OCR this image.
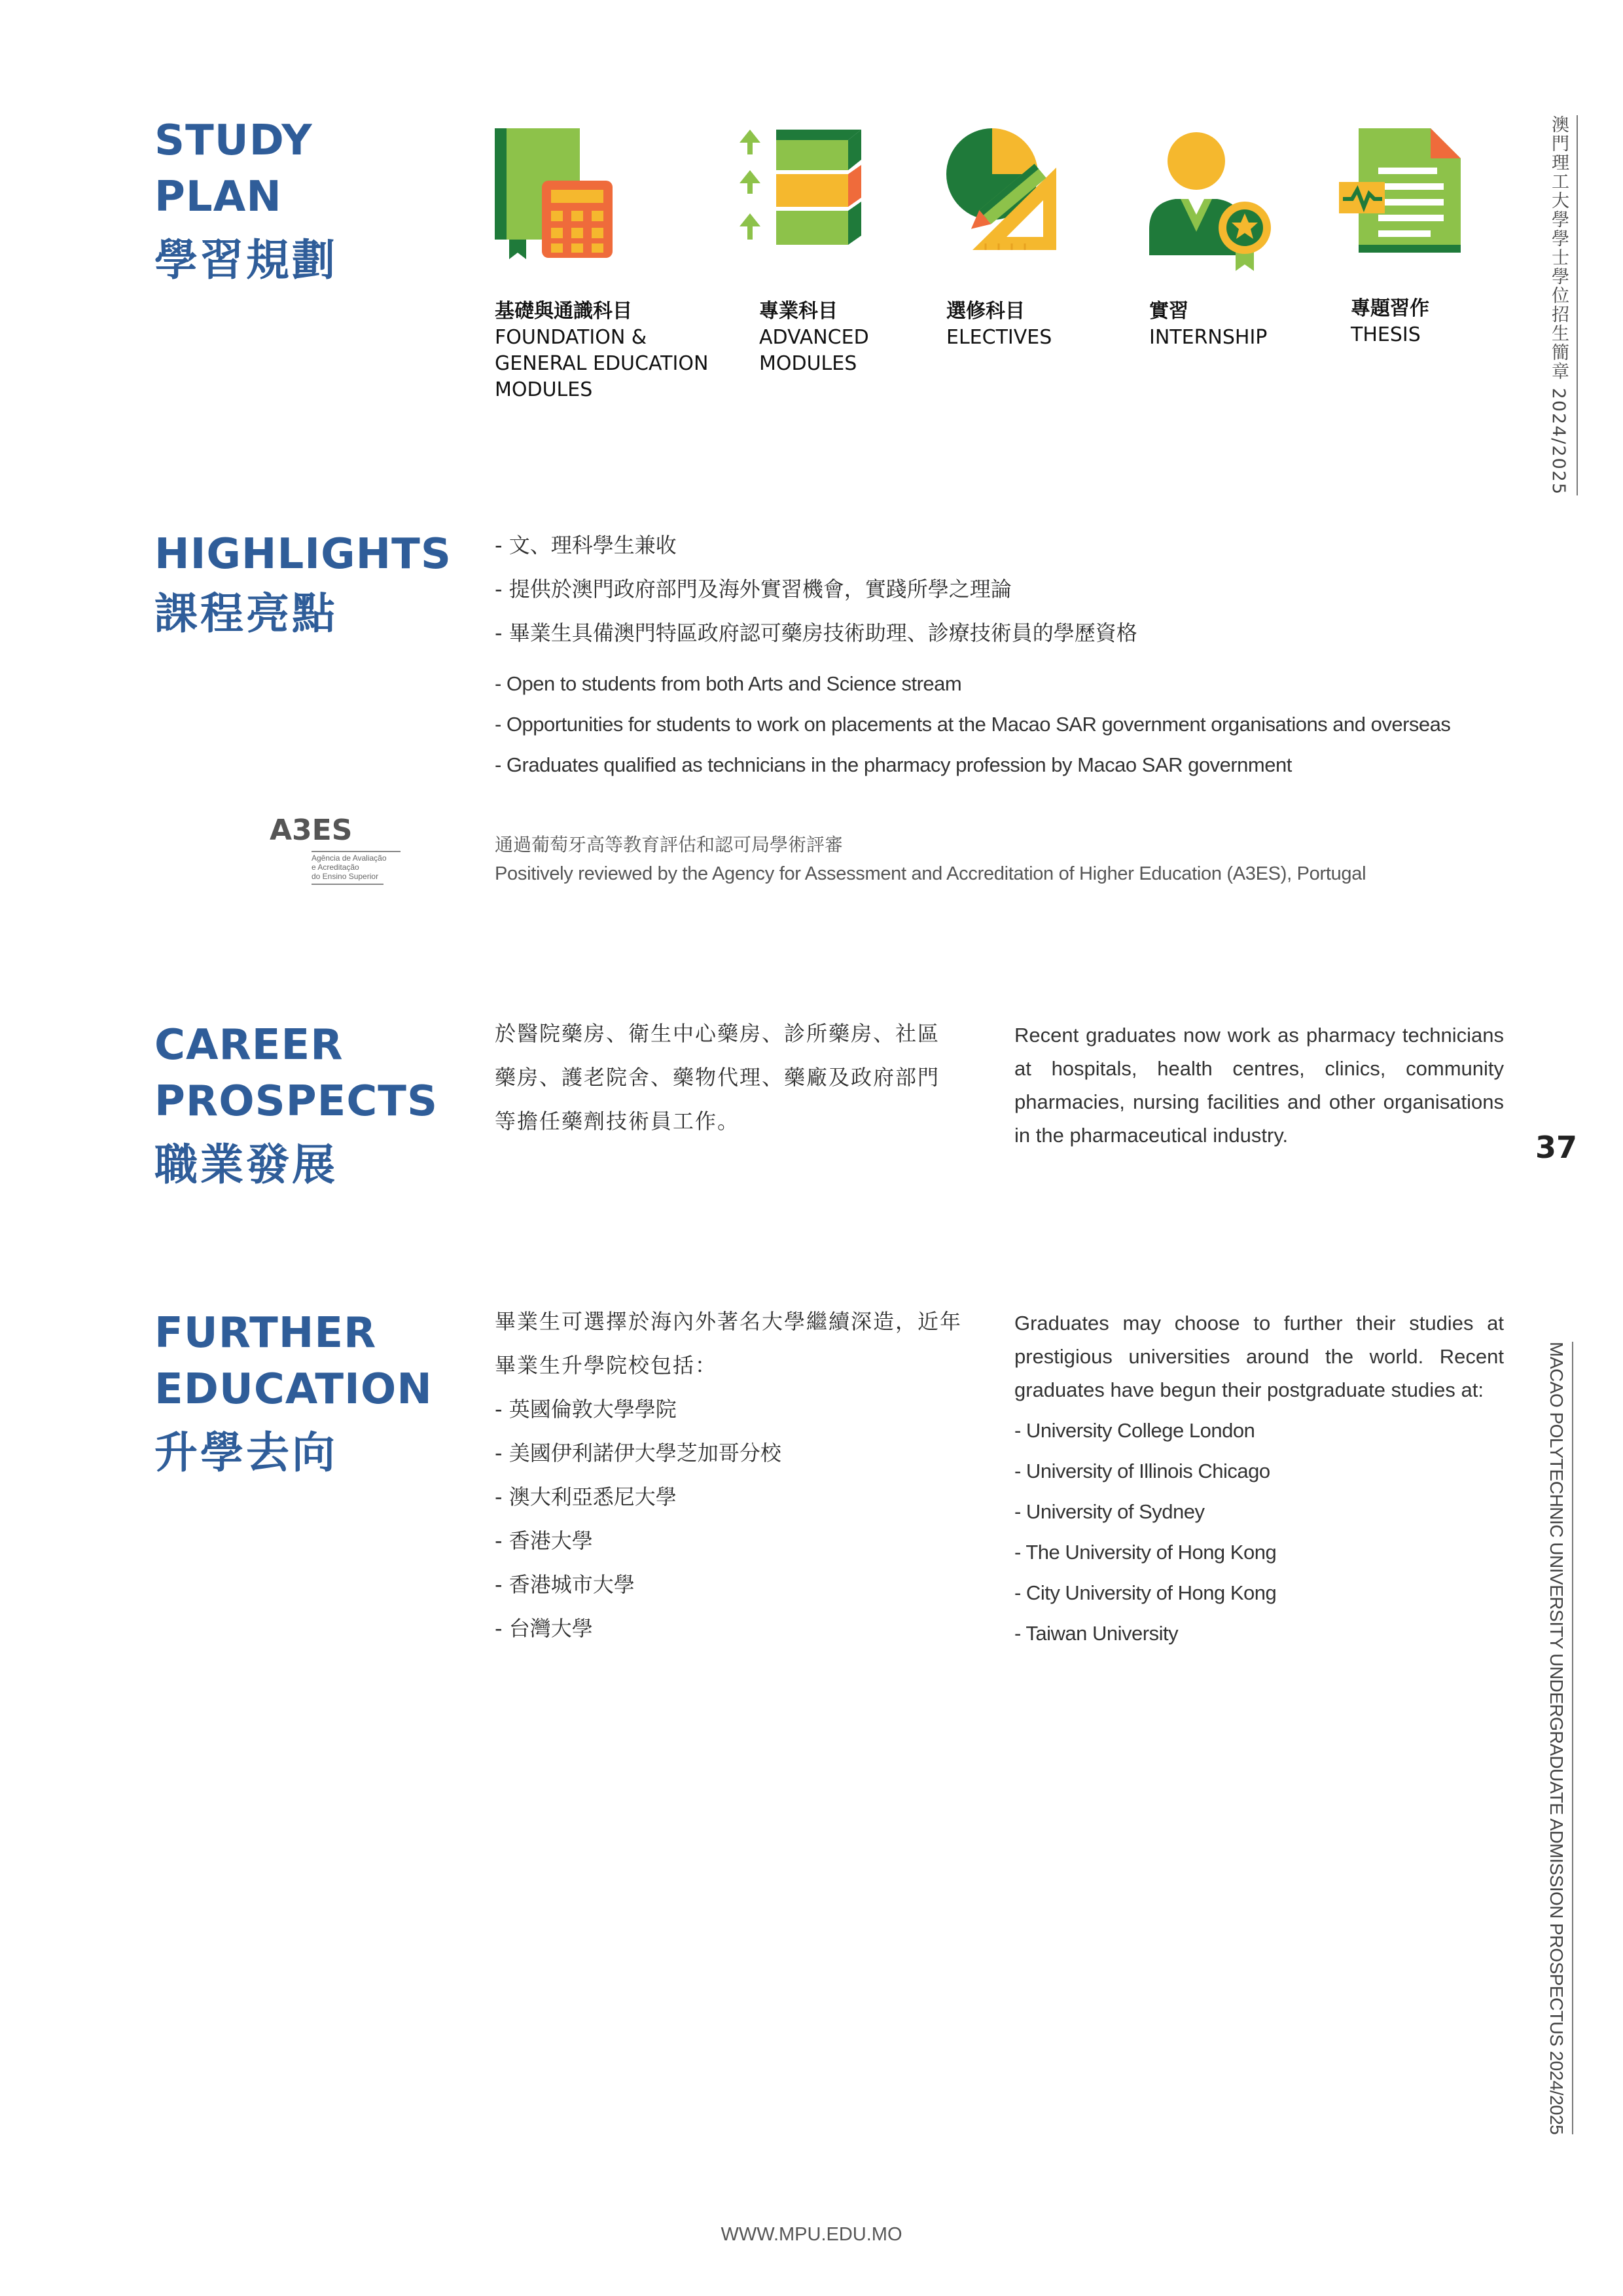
STUDY
PLAN
學習規劃
基礎與通識科目
FOUNDATION &
GENERAL EDUCATION
MODULES
專業科目
ADVANCED
MODULES
選修科目
ELECTIVES
實習
INTERNSHIP
專題習作
THESIS
HIGHLIGHTS
課程亮點
- 文、理科學生兼收
- 提供於澳門政府部門及海外實習機會，實踐所學之理論
- 畢業生具備澳門特區政府認可藥房技術助理、診療技術員的學歷資格
- Open to students from both Arts and Science stream
- Opportunities for students to work on placements at the Macao SAR government organisations and overseas
- Graduates qualified as technicians in the pharmacy profession by Macao SAR government
A3ES
Agência de Avaliação
e Acreditação
do Ensino Superior
通過葡萄牙高等教育評估和認可局學術評審
Positively reviewed by the Agency for Assessment and Accreditation of Higher Education (A3ES), Portugal
CAREER
PROSPECTS
職業發展
於醫院藥房、衛生中心藥房、診所藥房、社區藥房、護老院舍、藥物代理、藥廠及政府部門等擔任藥劑技術員工作。
Recent graduates now work as pharmacy technicians at hospitals, health centres, clinics, community pharmacies, nursing facilities and other organisations in the pharmaceutical industry.
FURTHER
EDUCATION
升學去向
畢業生可選擇於海內外著名大學繼續深造，近年畢業生升學院校包括：
- 英國倫敦大學學院
- 美國伊利諾伊大學芝加哥分校
- 澳大利亞悉尼大學
- 香港大學
- 香港城市大學
- 台灣大學
Graduates may choose to further their studies at prestigious universities around the world. Recent graduates have begun their postgraduate studies at:
- University College London
- University of Illinois Chicago
- University of Sydney
- The University of Hong Kong
- City University of Hong Kong
- Taiwan University
澳門理工大學學士學位招生簡章 2024/2025
37
MACAO POLYTECHNIC UNIVERSITY UNDERGRADUATE ADMISSION PROSPECTUS 2024/2025
WWW.MPU.EDU.MO
